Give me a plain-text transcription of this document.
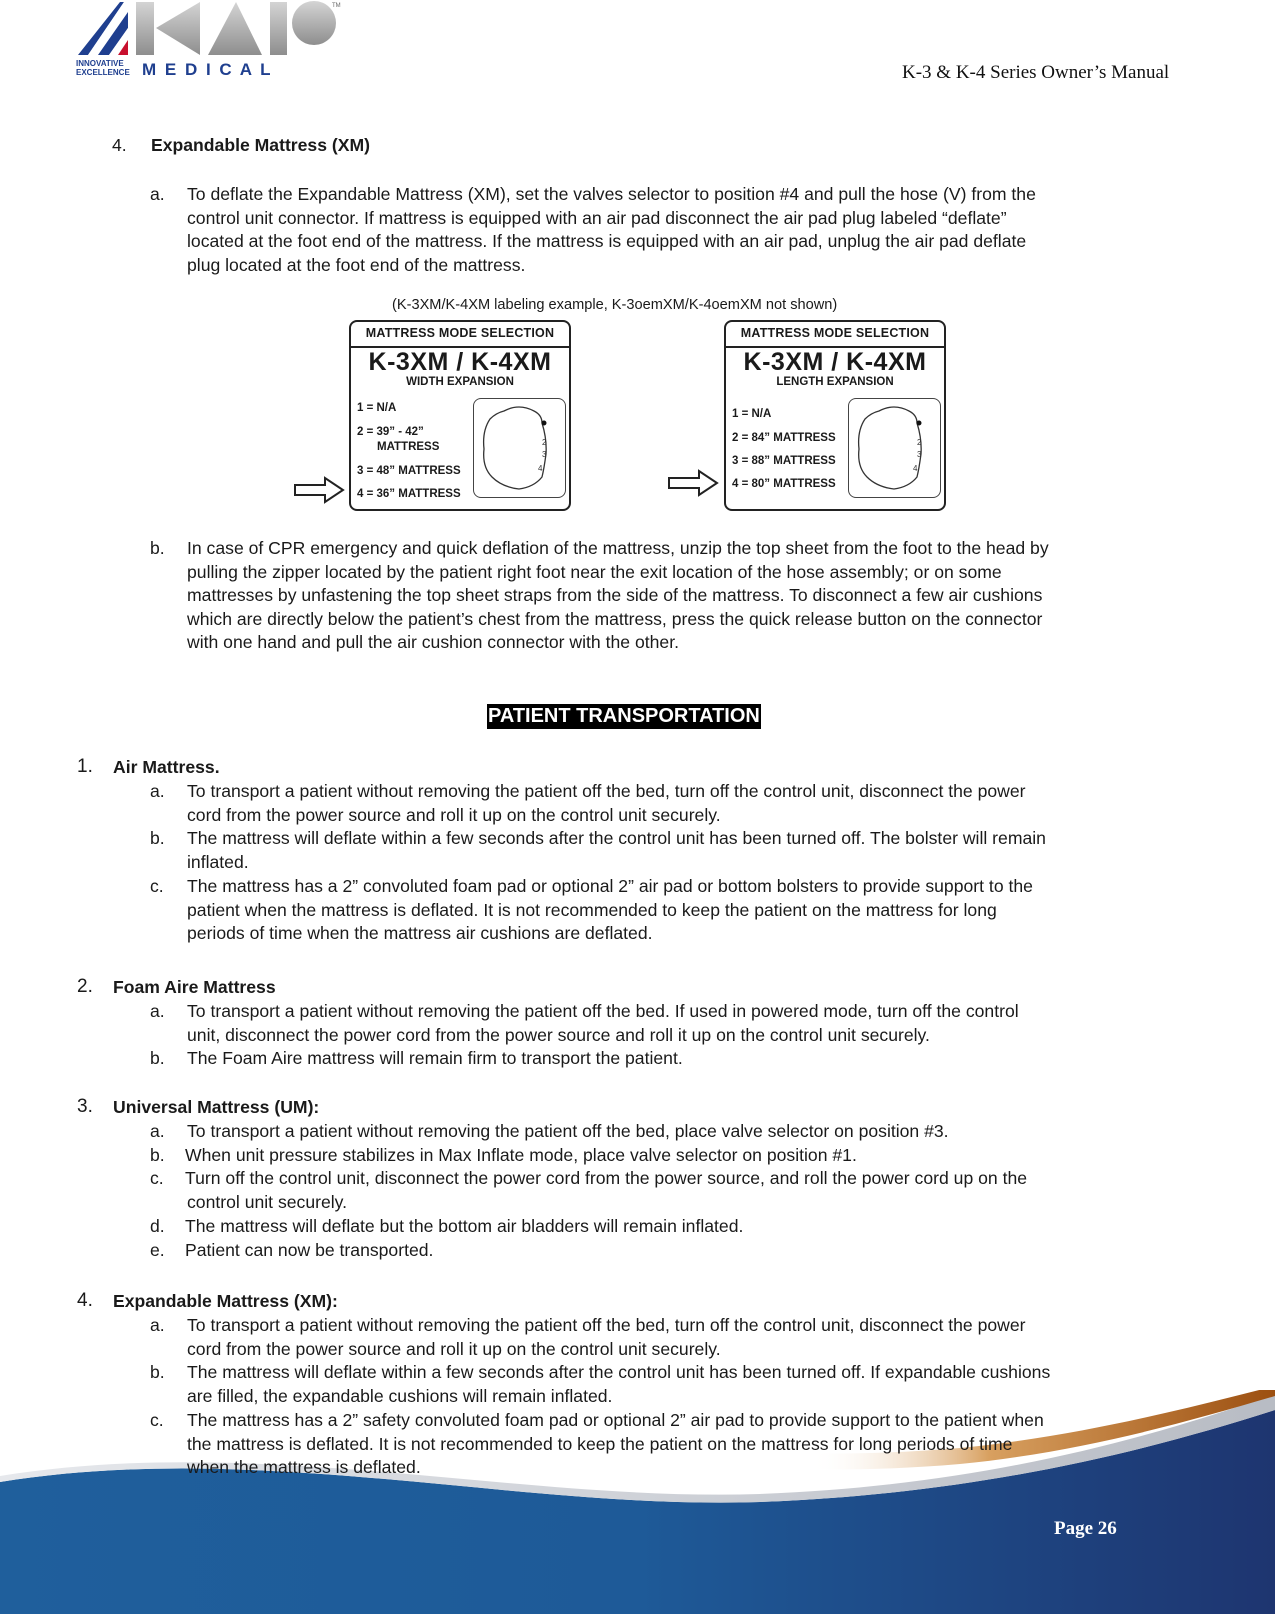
TM
INNOVATIVE
EXCELLENCE M E D I C A L	K-3 & K-4 Series Owner’s Manual
4. Expandable Mattress (XM)
a. To deflate the Expandable Mattress (XM), set the valves selector to position #4 and pull the hose (V) from the
control unit connector. If mattress is equipped with an air pad disconnect the air pad plug labeled “deflate”
located at the foot end of the mattress. If the mattress is equipped with an air pad, unplug the air pad deflate
plug located at the foot end of the mattress.
(K-3XM/K-4XM labeling example, K-3oemXM/K-4oemXM not shown)
MATTRESS MODE SELECTION
K-3XM / K-4XM
WIDTH EXPANSION
1 = N/A
2 = 39” - 42”
MATTRESS
3 = 48” MATTRESS
4 = 36” MATTRESS
2
3
4
MATTRESS MODE SELECTION
K-3XM / K-4XM
LENGTH EXPANSION
1 = N/A
2 = 84” MATTRESS
3 = 88” MATTRESS
4 = 80” MATTRESS
2
3
4
b. In case of CPR emergency and quick deflation of the mattress, unzip the top sheet from the foot to the head by
pulling the zipper located by the patient right foot near the exit location of the hose assembly; or on some
mattresses by unfastening the top sheet straps from the side of the mattress. To disconnect a few air cushions
which are directly below the patient’s chest from the mattress, press the quick release button on the connector
with one hand and pull the air cushion connector with the other.
PATIENT TRANSPORTATION
1. Air Mattress.
a. To transport a patient without removing the patient off the bed, turn off the control unit, disconnect the power
cord from the power source and roll it up on the control unit securely.
b. The mattress will deflate within a few seconds after the control unit has been turned off. The bolster will remain
inflated.
c. The mattress has a 2” convoluted foam pad or optional 2” air pad or bottom bolsters to provide support to the
patient when the mattress is deflated. It is not recommended to keep the patient on the mattress for long
periods of time when the mattress air cushions are deflated.
2. Foam Aire Mattress
a. To transport a patient without removing the patient off the bed. If used in powered mode, turn off the control
unit, disconnect the power cord from the power source and roll it up on the control unit securely.
b. The Foam Aire mattress will remain firm to transport the patient.
3. Universal Mattress (UM):
a. To transport a patient without removing the patient off the bed, place valve selector on position #3.
b. When unit pressure stabilizes in Max Inflate mode, place valve selector on position #1.
c. Turn off the control unit, disconnect the power cord from the power source, and roll the power cord up on the
control unit securely.
d. The mattress will deflate but the bottom air bladders will remain inflated.
e. Patient can now be transported.
4. Expandable Mattress (XM):
a. To transport a patient without removing the patient off the bed, turn off the control unit, disconnect the power
cord from the power source and roll it up on the control unit securely.
b. The mattress will deflate within a few seconds after the control unit has been turned off. If expandable cushions
are filled, the expandable cushions will remain inflated.
c. The mattress has a 2” safety convoluted foam pad or optional 2” air pad to provide support to the patient when
the mattress is deflated. It is not recommended to keep the patient on the mattress for long periods of time
when the mattress is deflated.
Page 26
